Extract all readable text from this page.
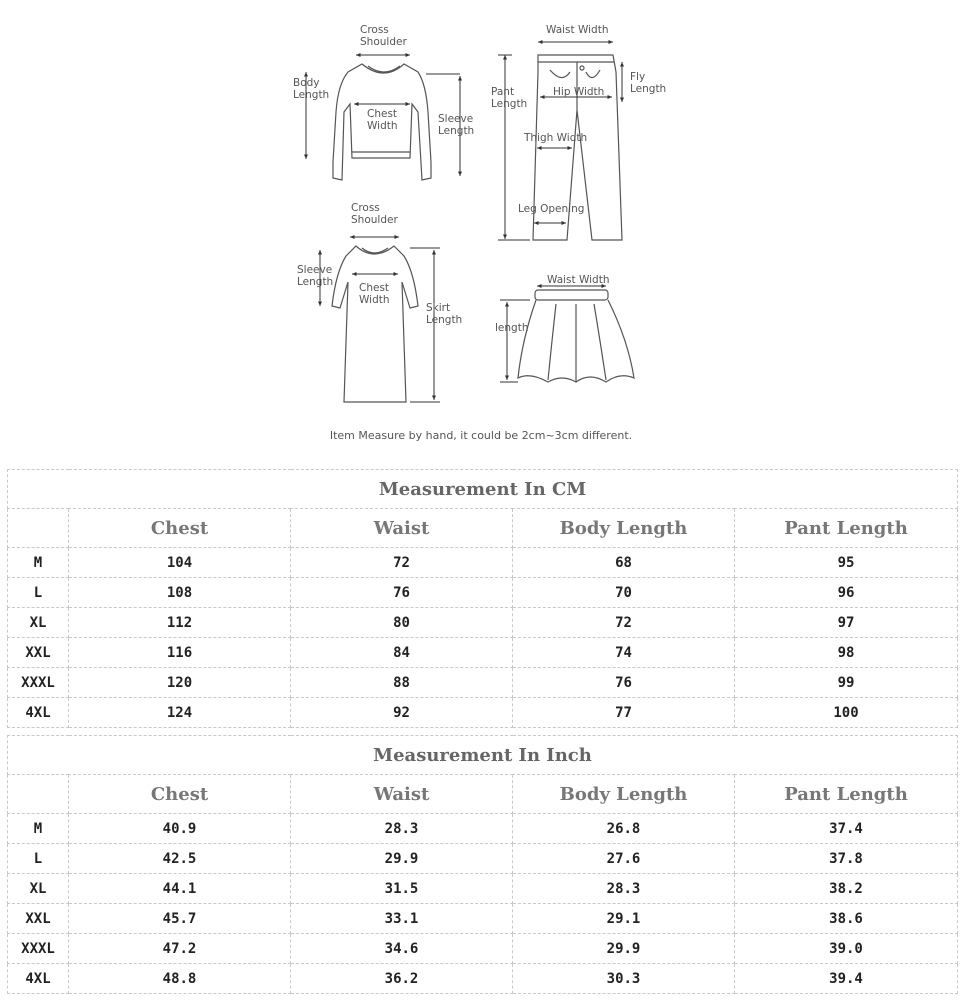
Cross
Shoulder
Body
Length
Chest
Width
Sleeve
Length
Waist Width
Pant
Length
Hip Width
Fly
Length
Thigh Width
Leg Opening
Cross
Shoulder
Sleeve
Length Chest
Width
Skirt
Length
Waist Width
length
Item Measure by hand, it could be 2cm~3cm different.
Measurement In CM				
	Chest	Waist	Body Length	Pant Length
M	104	72	68	95
L	108	76	70	96
XL	112	80	72	97
XXL	116	84	74	98
XXXL	120	88	76	99
4XL	124	92	77	100
Measurement In Inch				
	Chest	Waist	Body Length	Pant Length
M	40.9	28.3	26.8	37.4
L	42.5	29.9	27.6	37.8
XL	44.1	31.5	28.3	38.2
XXL	45.7	33.1	29.1	38.6
XXXL	47.2	34.6	29.9	39.0
4XL	48.8	36.2	30.3	39.4
